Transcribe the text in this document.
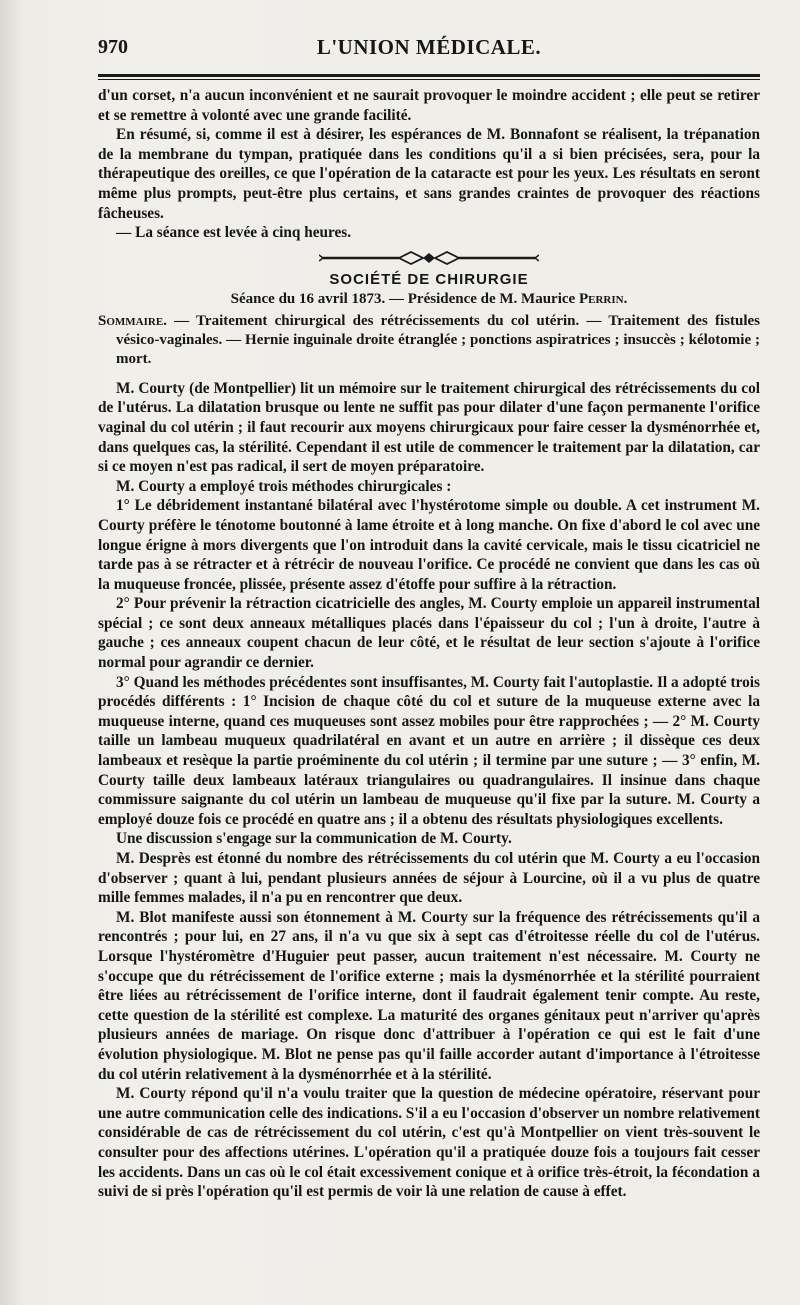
970	L'UNION MÉDICALE.

d'un corset, n'a aucun inconvénient et ne saurait provoquer le moindre accident ; elle peut se retirer et se remettre à volonté avec une grande facilité.

En résumé, si, comme il est à désirer, les espérances de M. Bonnafont se réalisent, la trépanation de la membrane du tympan, pratiquée dans les conditions qu'il a si bien précisées, sera, pour la thérapeutique des oreilles, ce que l'opération de la cataracte est pour les yeux. Les résultats en seront même plus prompts, peut-être plus certains, et sans grandes craintes de provoquer des réactions fâcheuses.

— La séance est levée à cinq heures.

SOCIÉTÉ DE CHIRURGIE
Séance du 16 avril 1873. — Présidence de M. Maurice Perrin.
Sommaire. — Traitement chirurgical des rétrécissements du col utérin. — Traitement des fistules vésico-vaginales. — Hernie inguinale droite étranglée ; ponctions aspiratrices ; insuccès ; kélotomie ; mort.

M. Courty (de Montpellier) lit un mémoire sur le traitement chirurgical des rétrécissements du col de l'utérus. La dilatation brusque ou lente ne suffit pas pour dilater d'une façon permanente l'orifice vaginal du col utérin ; il faut recourir aux moyens chirurgicaux pour faire cesser la dysménorrhée et, dans quelques cas, la stérilité. Cependant il est utile de commencer le traitement par la dilatation, car si ce moyen n'est pas radical, il sert de moyen préparatoire.

M. Courty a employé trois méthodes chirurgicales :

1° Le débridement instantané bilatéral avec l'hystérotome simple ou double. A cet instrument M. Courty préfère le ténotome boutonné à lame étroite et à long manche. On fixe d'abord le col avec une longue érigne à mors divergents que l'on introduit dans la cavité cervicale, mais le tissu cicatriciel ne tarde pas à se rétracter et à rétrécir de nouveau l'orifice. Ce procédé ne convient que dans les cas où la muqueuse froncée, plissée, présente assez d'étoffe pour suffire à la rétraction.

2° Pour prévenir la rétraction cicatricielle des angles, M. Courty emploie un appareil instrumental spécial ; ce sont deux anneaux métalliques placés dans l'épaisseur du col ; l'un à droite, l'autre à gauche ; ces anneaux coupent chacun de leur côté, et le résultat de leur section s'ajoute à l'orifice normal pour agrandir ce dernier.

3° Quand les méthodes précédentes sont insuffisantes, M. Courty fait l'autoplastie. Il a adopté trois procédés différents : 1° Incision de chaque côté du col et suture de la muqueuse externe avec la muqueuse interne, quand ces muqueuses sont assez mobiles pour être rapprochées ; — 2° M. Courty taille un lambeau muqueux quadrilatéral en avant et un autre en arrière ; il dissèque ces deux lambeaux et resèque la partie proéminente du col utérin ; il termine par une suture ; — 3° enfin, M. Courty taille deux lambeaux latéraux triangulaires ou quadrangulaires. Il insinue dans chaque commissure saignante du col utérin un lambeau de muqueuse qu'il fixe par la suture. M. Courty a employé douze fois ce procédé en quatre ans ; il a obtenu des résultats physiologiques excellents.

Une discussion s'engage sur la communication de M. Courty.

M. Desprès est étonné du nombre des rétrécissements du col utérin que M. Courty a eu l'occasion d'observer ; quant à lui, pendant plusieurs années de séjour à Lourcine, où il a vu plus de quatre mille femmes malades, il n'a pu en rencontrer que deux.

M. Blot manifeste aussi son étonnement à M. Courty sur la fréquence des rétrécissements qu'il a rencontrés ; pour lui, en 27 ans, il n'a vu que six à sept cas d'étroitesse réelle du col de l'utérus. Lorsque l'hystéromètre d'Huguier peut passer, aucun traitement n'est nécessaire. M. Courty ne s'occupe que du rétrécissement de l'orifice externe ; mais la dysménorrhée et la stérilité pourraient être liées au rétrécissement de l'orifice interne, dont il faudrait également tenir compte. Au reste, cette question de la stérilité est complexe. La maturité des organes génitaux peut n'arriver qu'après plusieurs années de mariage. On risque donc d'attribuer à l'opération ce qui est le fait d'une évolution physiologique. M. Blot ne pense pas qu'il faille accorder autant d'importance à l'étroitesse du col utérin relativement à la dysménorrhée et à la stérilité.

M. Courty répond qu'il n'a voulu traiter que la question de médecine opératoire, réservant pour une autre communication celle des indications. S'il a eu l'occasion d'observer un nombre relativement considérable de cas de rétrécissement du col utérin, c'est qu'à Montpellier on vient très-souvent le consulter pour des affections utérines. L'opération qu'il a pratiquée douze fois a toujours fait cesser les accidents. Dans un cas où le col était excessivement conique et à orifice très-étroit, la fécondation a suivi de si près l'opération qu'il est permis de voir là une relation de cause à effet.
